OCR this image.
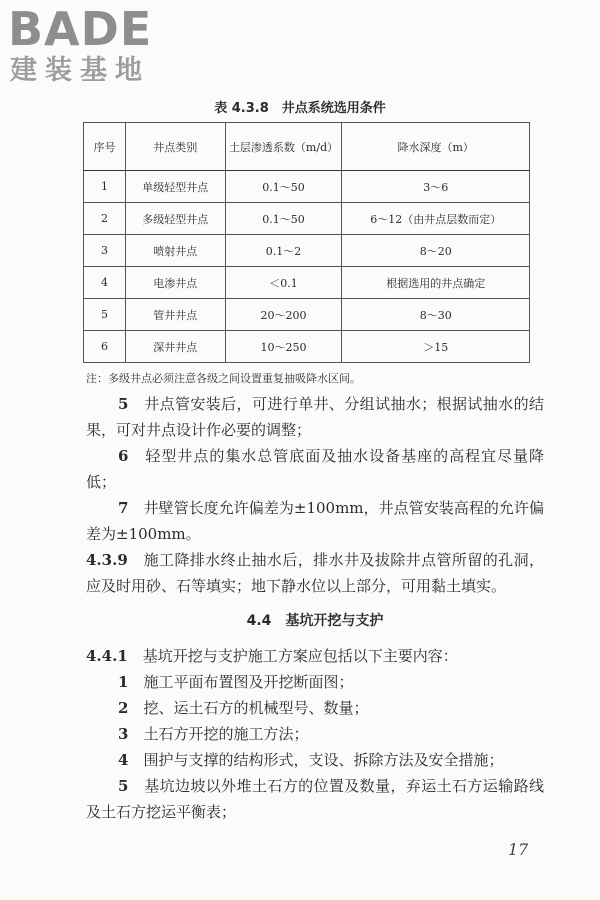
BADE
建装基地
表 4.3.8　井点系统选用条件
序号	井点类别	土层渗透系数（m/d）	降水深度（m）
1	单级轻型井点	0.1～50	3～6
2	多级轻型井点	0.1～50	6～12（由井点层数而定）
3	喷射井点	0.1～2	8～20
4	电渗井点	＜0.1	根据选用的井点确定
5	管井井点	20～200	8～30
6	深井井点	10～250	＞15
注：多级井点必须注意各级之间设置重复抽吸降水区间。

5　 井点管安装后，可进行单井、分组试抽水；根据试抽水的结果，可对井点设计作必要的调整；

6　 轻型井点的集水总管底面及抽水设备基座的高程宜尽量降低；

7　 井壁管长度允许偏差为±100mm，井点管安装高程的允许偏差为±100mm。

4.3.9　 施工降排水终止抽水后，排水井及拔除井点管所留的孔洞，应及时用砂、石等填实；地下静水位以上部分，可用黏土填实。

4.4　基坑开挖与支护

4.4.1　 基坑开挖与支护施工方案应包括以下主要内容：

1　 施工平面布置图及开挖断面图；

2　 挖、运土石方的机械型号、数量；

3　 土石方开挖的施工方法；

4　 围护与支撑的结构形式，支设、拆除方法及安全措施；

5　 基坑边坡以外堆土石方的位置及数量，弃运土石方运输路线及土石方挖运平衡表；

17
